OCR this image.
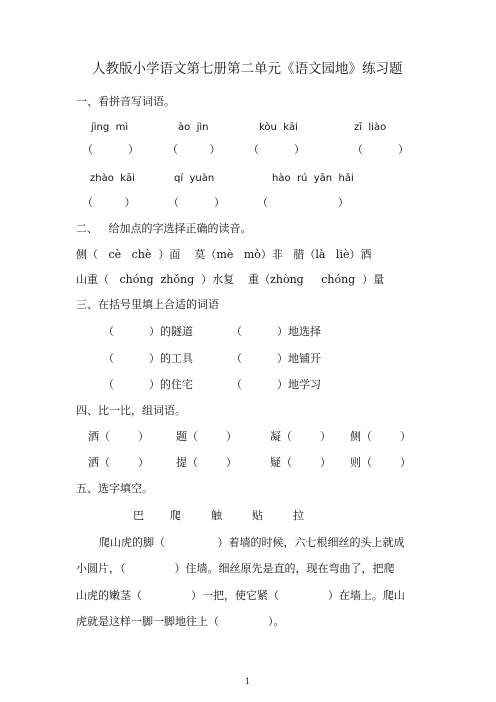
人教版小学语文第七册第二单元《语文园地》练习题
一、看拼音写词语。
jìng  mì	ào  jìn	kòu  kāi	zī  liào
（          ）	（         ）	（          ）	（          ）
zhào  kāi	qí  yuàn	hào  rú  yān  hǎi
（         ）	（          ）	（                    ）
二、   给加点的字选择正确的读音。
侧（   cè   chè  ）面    莫（mè   mò）非   腊（là   liè）酒
山重（   chóng  zhǒng  ）水复    重（zhòng     chóng  ）量
三、在括号里填上合适的词语
（          ）的隧道	（          ）地选择
（          ）的工具	（          ）地铺开
（          ）的住宅	（          ）地学习
四、比一比，组词语。
洒（        ） 题（        ）	凝（        ） 侧（        ）
洒（        ） 提（        ）	疑（        ） 则（        ）
五、选字填空。
巴 爬	触	贴	拉
爬山虎的脚（               ）着墙的时候，六七根细丝的头上就成
小圆片，（              ）住墙。细丝原先是直的，现在弯曲了，把爬
山虎的嫩茎（              ）一把，使它紧（              ）在墙上。爬山
虎就是这样一脚一脚地往上（              ）。
1
